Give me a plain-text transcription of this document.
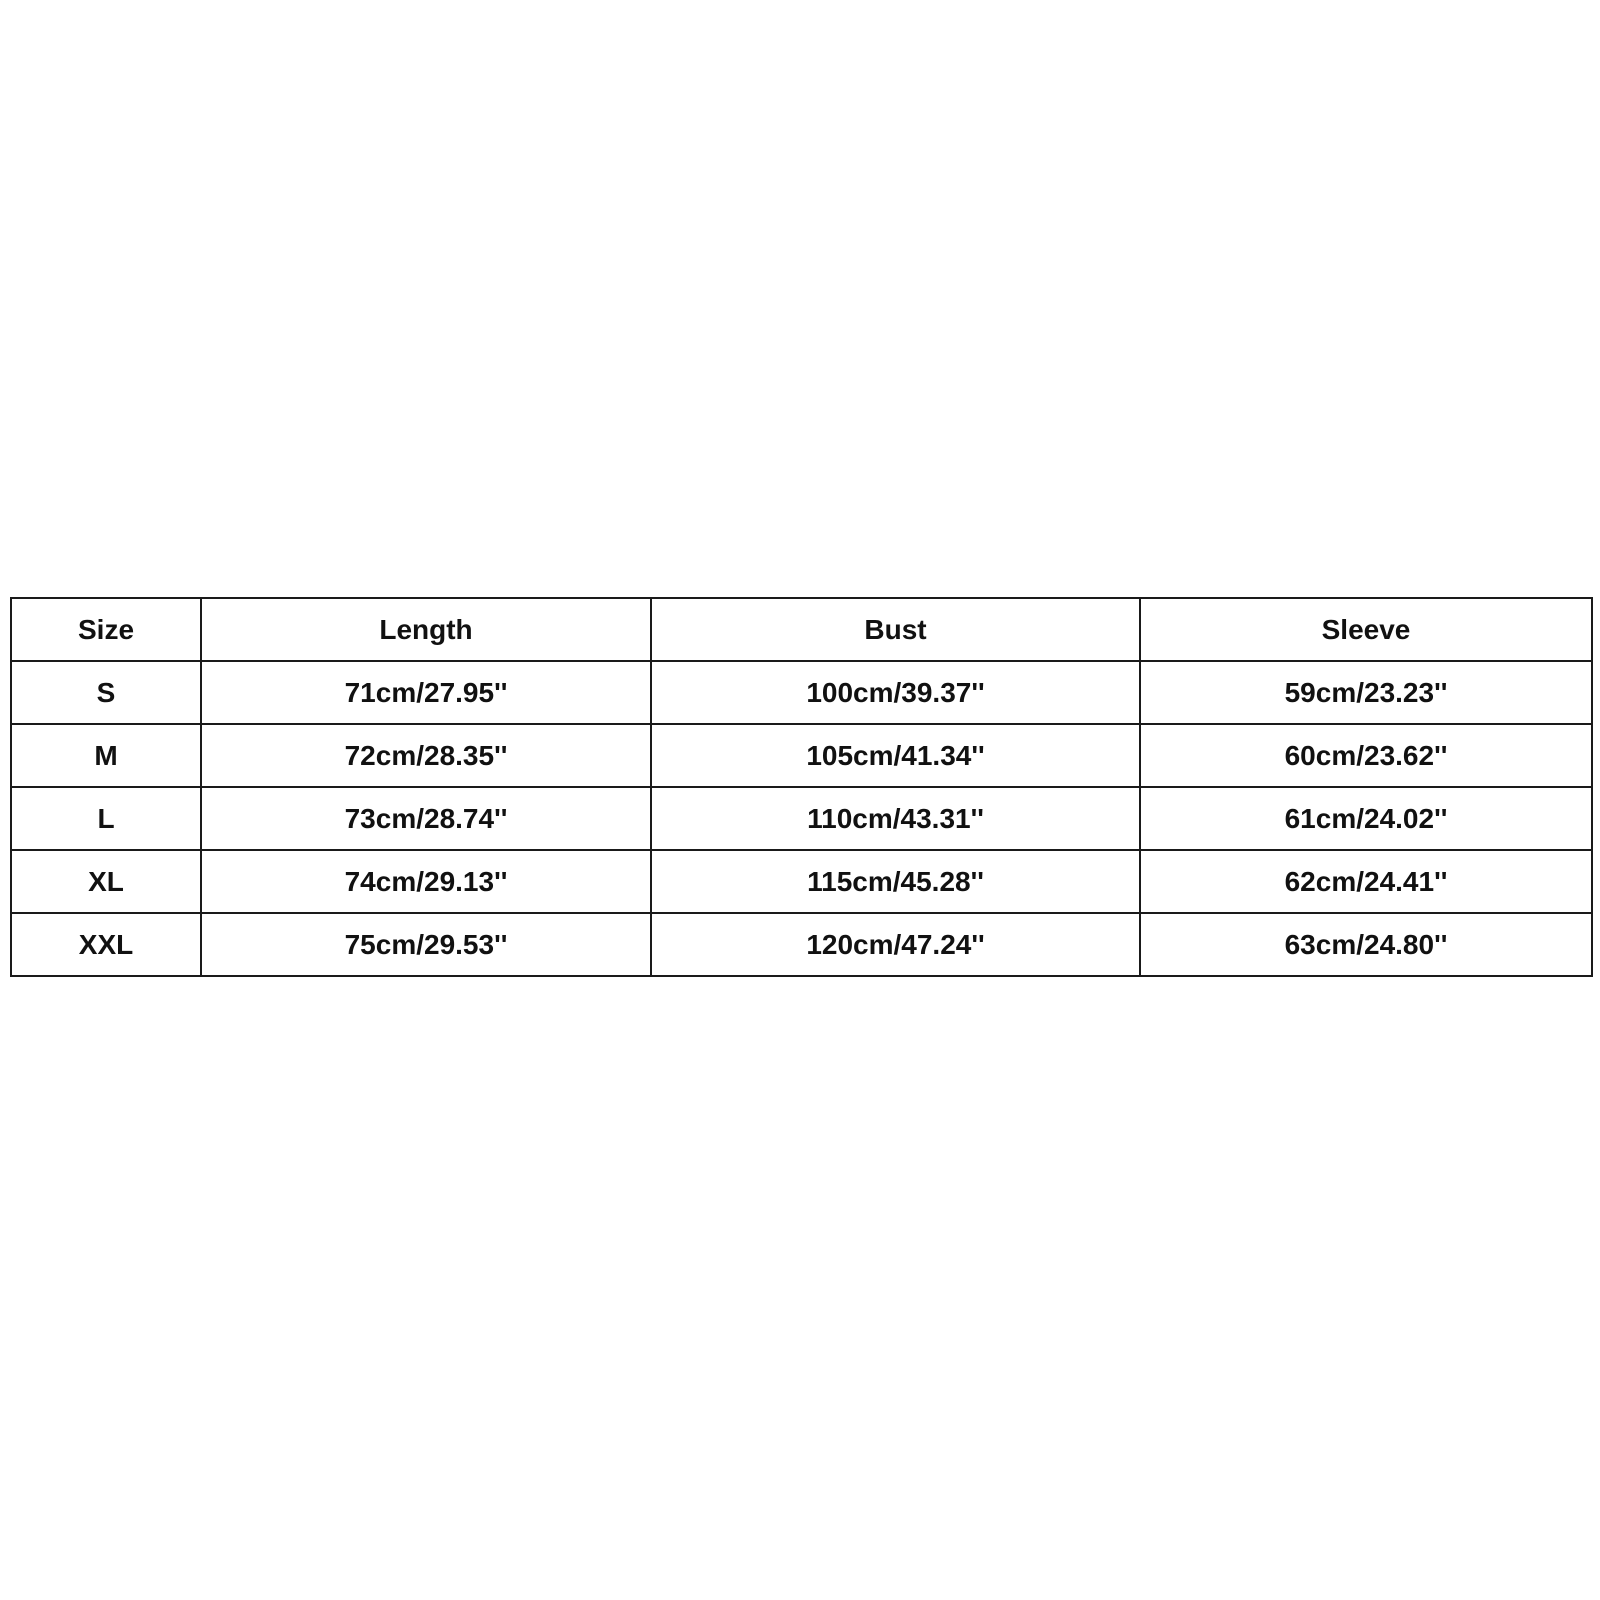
Size	Length	Bust	Sleeve
S	71cm/27.95''	100cm/39.37''	59cm/23.23''
M	72cm/28.35''	105cm/41.34''	60cm/23.62''
L	73cm/28.74''	110cm/43.31''	61cm/24.02''
XL	74cm/29.13''	115cm/45.28''	62cm/24.41''
XXL	75cm/29.53''	120cm/47.24''	63cm/24.80''
